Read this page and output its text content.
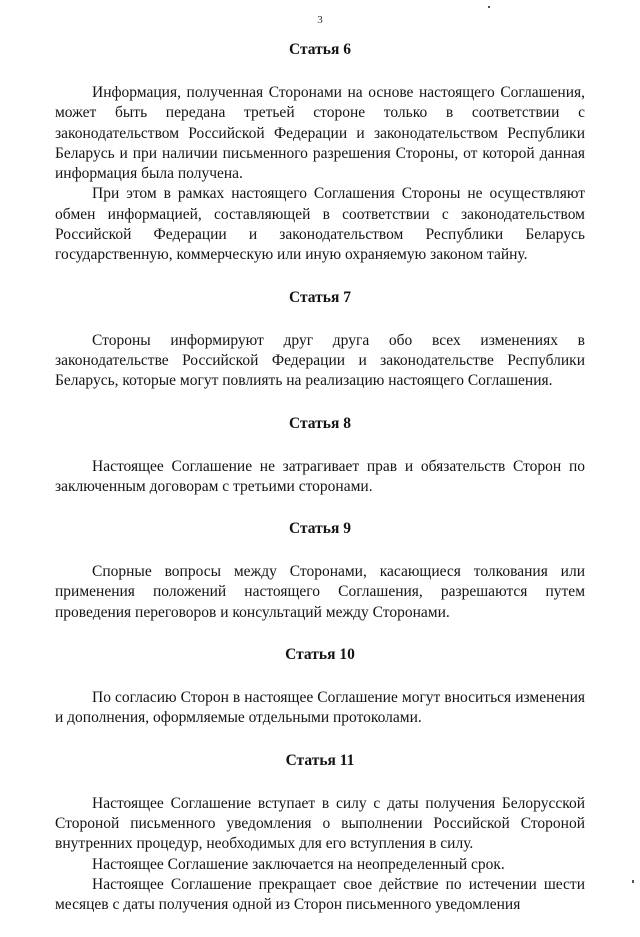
3
Статья 6

Информация, полученная Сторонами на основе настоящего Соглашения, может быть передана третьей стороне только в соответствии с законодательством Российской Федерации и законодательством Республики Беларусь и при наличии письменного разрешения Стороны, от которой данная информация была получена.

При этом в рамках настоящего Соглашения Стороны не осуществляют обмен информацией, составляющей в соответствии с законодательством Российской Федерации и законодательством Республики Беларусь государственную, коммерческую или иную охраняемую законом тайну.

Статья 7

Стороны информируют друг друга обо всех изменениях в законодательстве Российской Федерации и законодательстве Республики Беларусь, которые могут повлиять на реализацию настоящего Соглашения.

Статья 8

Настоящее Соглашение не затрагивает прав и обязательств Сторон по заключенным договорам с третьими сторонами.

Статья 9

Спорные вопросы между Сторонами, касающиеся толкования или применения положений настоящего Соглашения, разрешаются путем проведения переговоров и консультаций между Сторонами.

Статья 10

По согласию Сторон в настоящее Соглашение могут вноситься изменения и дополнения, оформляемые отдельными протоколами.

Статья 11

Настоящее Соглашение вступает в силу с даты получения Белорусской Стороной письменного уведомления о выполнении Российской Стороной внутренних процедур, необходимых для его вступления в силу.

Настоящее Соглашение заключается на неопределенный срок.

Настоящее Соглашение прекращает свое действие по истечении шести месяцев с даты получения одной из Сторон письменного уведомления
